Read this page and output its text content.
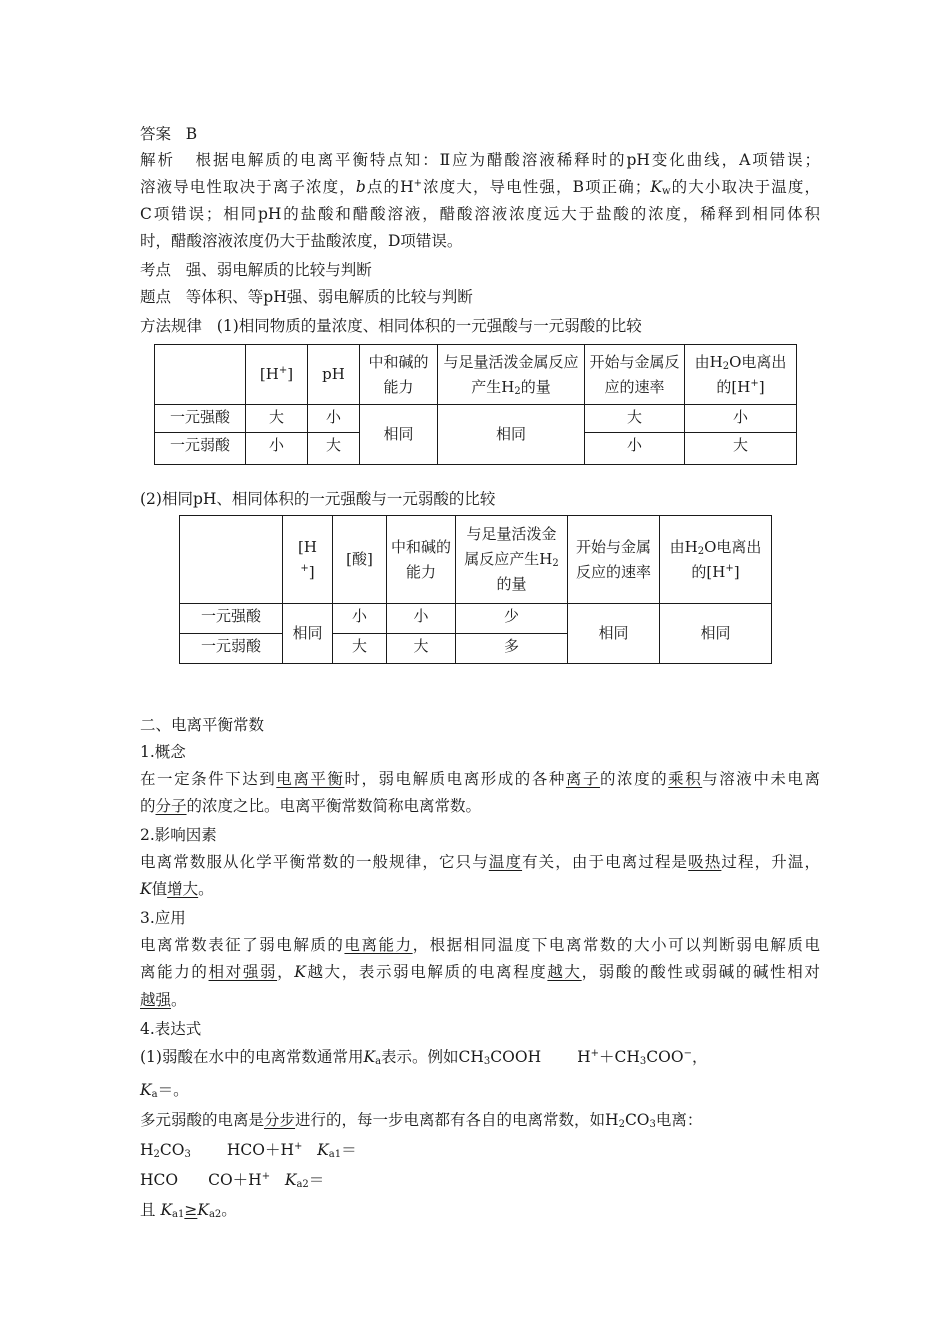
答案 B
解析 根据电解质的电离平衡特点知：Ⅱ应为醋酸溶液稀释时的pH变化曲线，A项错误；
溶液导电性取决于离子浓度，b点的H+浓度大，导电性强，B项正确；$K_w$的大小取决于温度，
C项错误；相同pH的盐酸和醋酸溶液，醋酸溶液浓度远大于盐酸的浓度，稀释到相同体积
时，醋酸溶液浓度仍大于盐酸浓度，D项错误。
考点 强、弱电解质的比较与判断
题点 等体积、等pH强、弱电解质的比较与判断
方法规律 (1)相同物质的量浓度、相同体积的一元强酸与一元弱酸的比较
	[H+]	pH	中和碱的能力	与足量活泼金属反应产生$H_2$的量	开始与金属反应的速率	由$H_2O$电离出的[H+]
一元强酸	大	小	相同	相同	大	小
一元弱酸	小	大			小	大
(2)相同pH、相同体积的一元强酸与一元弱酸的比较
	[H
+]	[酸]	中和碱的能力	与足量活泼金属反应产生$H_2$的量	开始与金属反应的速率	由$H_2O$电离出的[H+]
一元强酸	相同	小	小	少	相同	相同
一元弱酸		大	大	多		
二、电离平衡常数
1.概念
在一定条件下达到电离平衡时，弱电解质电离形成的各种离子的浓度的乘积与溶液中未电离
的分子的浓度之比。电离平衡常数简称电离常数。
2.影响因素
电离常数服从化学平衡常数的一般规律，它只与温度有关，由于电离过程是吸热过程，升温，
K值增大。
3.应用
电离常数表征了弱电解质的电离能力，根据相同温度下电离常数的大小可以判断弱电解质电
离能力的相对强弱，K越大，表示弱电解质的电离程度越大，弱酸的酸性或弱碱的碱性相对
越强。
4.表达式
(1)弱酸在水中的电离常数通常用$K_a$表示。例如$CH_3COOH$ $H^++CH_3COO^-$，
$K_a=$。
多元弱酸的电离是分步进行的，每一步电离都有各自的电离常数，如$H_2CO_3$电离：
$H_2CO_3$ HCO＋H+ $K_{a1}=$
HCO CO＋H+ $K_{a2}=$
且 $K_{a1}\ge K_{a2}$。
